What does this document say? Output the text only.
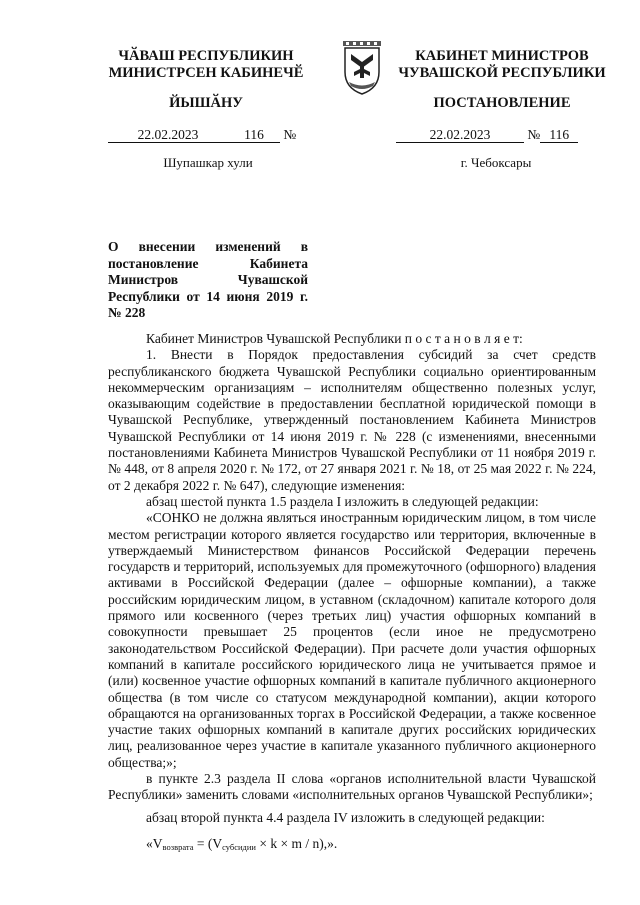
ЧӐВАШ РЕСПУБЛИКИН
МИНИСТРСЕН КАБИНЕЧӖ
ЙЫШӐНУ
КАБИНЕТ МИНИСТРОВ
ЧУВАШСКОЙ РЕСПУБЛИКИ
ПОСТАНОВЛЕНИЕ
22.02.2023	116 №	22.02.2023	№ 116
Шупашкар хули	г. Чебоксары
О внесении изменений в постановление Кабинета Министров Чувашской Республики от 14 июня 2019 г. № 228

Кабинет Министров Чувашской Республики п о с т а н о в л я е т:

1. Внести в Порядок предоставления субсидий за счет средств республиканского бюджета Чувашской Республики социально ориентированным некоммерческим организациям – исполнителям общественно полезных услуг, оказывающим содействие в предоставлении бесплатной юридической помощи в Чувашской Республике, утвержденный постановлением Кабинета Министров Чувашской Республики от 14 июня 2019 г. № 228 (с изменениями, внесенными постановлениями Кабинета Министров Чувашской Республики от 11 ноября 2019 г. № 448, от 8 апреля 2020 г. № 172, от 27 января 2021 г. № 18, от 25 мая 2022 г. № 224, от 2 декабря 2022 г. № 647), следующие изменения:

абзац шестой пункта 1.5 раздела I изложить в следующей редакции:

«СОНКО не должна являться иностранным юридическим лицом, в том числе местом регистрации которого является государство или территория, включенные в утверждаемый Министерством финансов Российской Федерации перечень государств и территорий, используемых для промежуточного (офшорного) владения активами в Российской Федерации (далее – офшорные компании), а также российским юридическим лицом, в уставном (складочном) капитале которого доля прямого или косвенного (через третьих лиц) участия офшорных компаний в совокупности превышает 25 процентов (если иное не предусмотрено законодательством Российской Федерации). При расчете доли участия офшорных компаний в капитале российского юридического лица не учитывается прямое и (или) косвенное участие офшорных компаний в капитале публичного акционерного общества (в том числе со статусом международной компании), акции которого обращаются на организованных торгах в Российской Федерации, а также косвенное участие таких офшорных компаний в капитале других российских юридических лиц, реализованное через участие в капитале указанного публичного акционерного общества;»;

в пункте 2.3 раздела II слова «органов исполнительной власти Чувашской Республики» заменить словами «исполнительных органов Чувашской Республики»;

абзац второй пункта 4.4 раздела IV изложить в следующей редакции:

«$V_{возврата} = (V_{субсидии} \times k \times m / n)$,».
